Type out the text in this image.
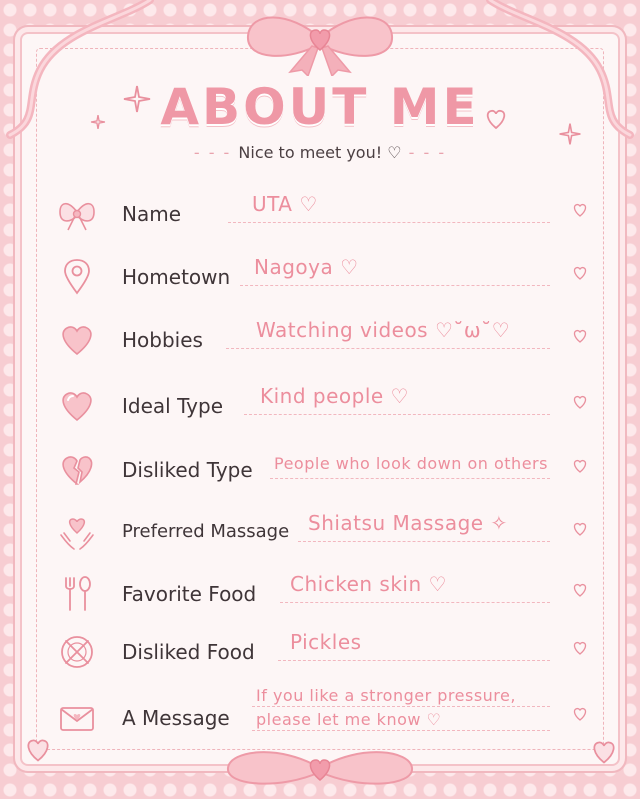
ABOUT ME
- - - Nice to meet you! ♡ - - -
Name	UTA ♡
Hometown Nagoya ♡
Hobbies	Watching videos ♡˘ω˘♡
Ideal Type Kind people ♡
Disliked Type People who look down on others
Preferred Massage Shiatsu Massage ✧
Favorite Food Chicken skin ♡
Disliked Food Pickles
A Message
If you like a stronger pressure,
please let me know ♡
